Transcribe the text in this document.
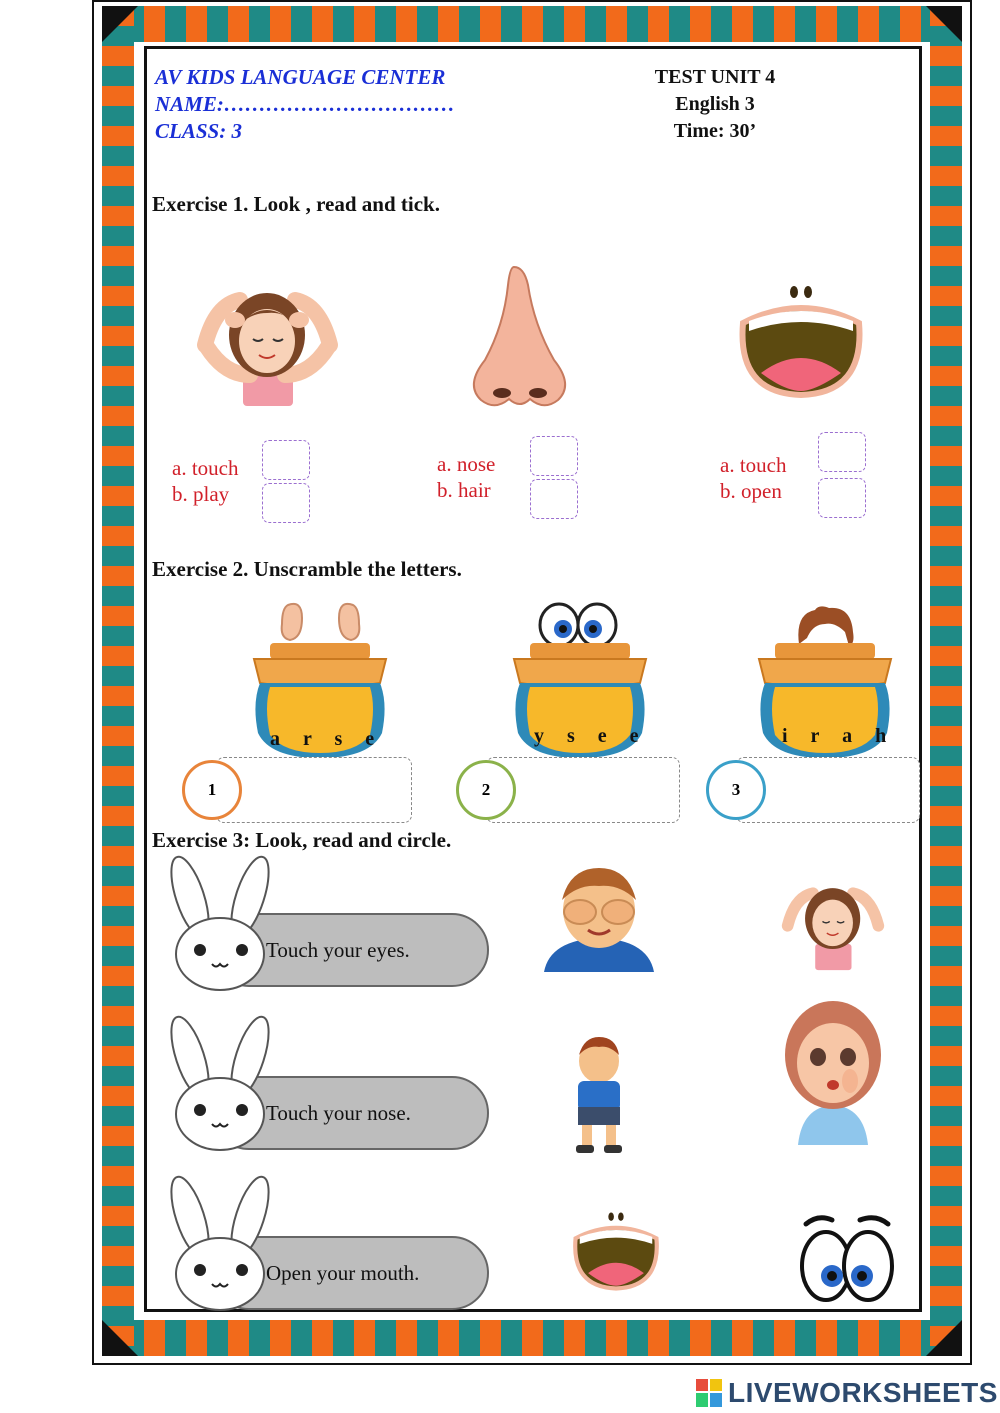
AV KIDS LANGUAGE CENTER
NAME:……………………………
CLASS: 3
TEST UNIT 4
English 3
Time: 30’
Exercise 1. Look , read and tick.
a. touch
b. play
a. nose
b. hair
a. touch
b. open
Exercise 2. Unscramble the letters.
a r s e	y s e e	i r a h
1	2	3
Exercise 3: Look, read and circle.
Touch your eyes.
Touch your nose.
Open your mouth.
LIVEWORKSHEETS
